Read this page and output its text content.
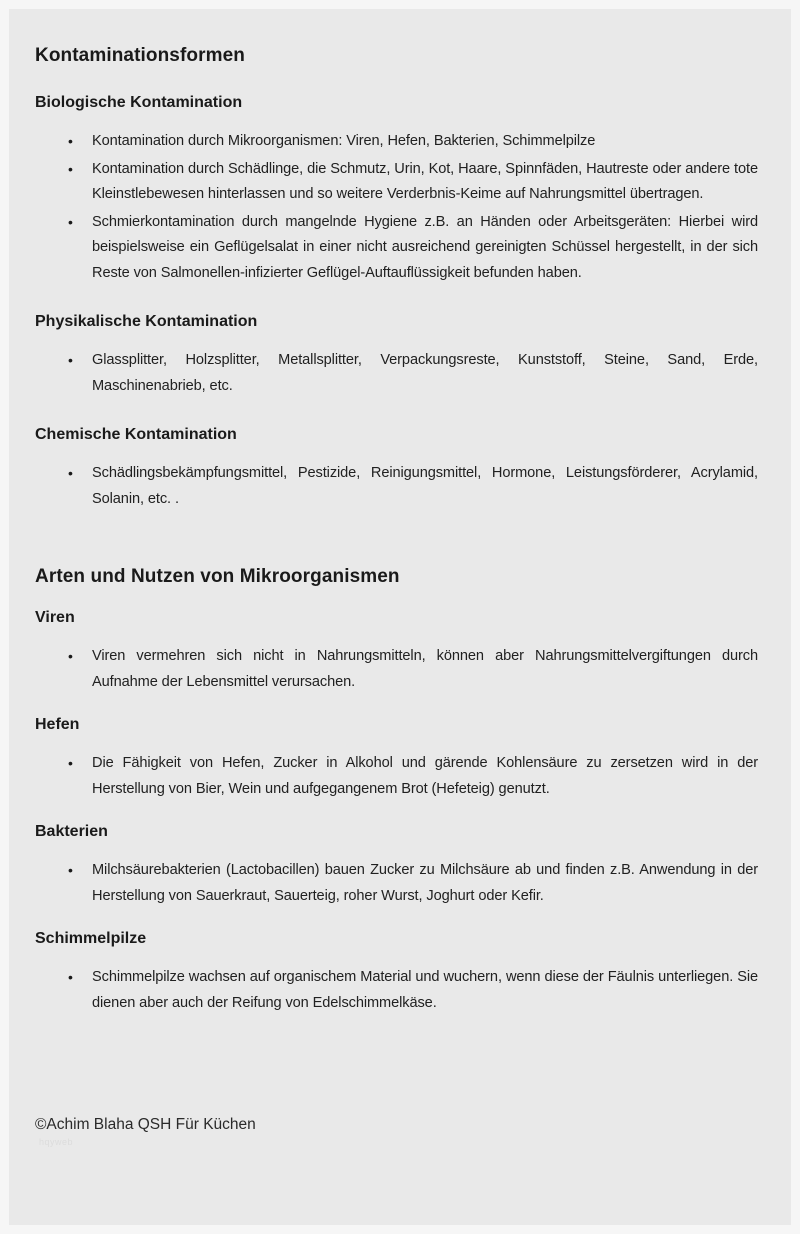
Kontaminationsformen
Biologische Kontamination
• Kontamination durch Mikroorganismen: Viren, Hefen, Bakterien, Schimmelpilze
• Kontamination durch Schädlinge, die Schmutz, Urin, Kot, Haare, Spinnfäden, Hautreste oder andere tote Kleinstlebewesen hinterlassen und so weitere Verderbnis-Keime auf Nahrungsmittel übertragen.
• Schmierkontamination durch mangelnde Hygiene z.B. an Händen oder Arbeitsgeräten: Hierbei wird beispielsweise ein Geflügelsalat in einer nicht ausreichend gereinigten Schüssel hergestellt, in der sich Reste von Salmonellen-infizierter Geflügel-Auftauflüssigkeit befunden haben.
Physikalische Kontamination
• Glassplitter, Holzsplitter, Metallsplitter, Verpackungsreste, Kunststoff, Steine, Sand, Erde, Maschinenabrieb, etc.
Chemische Kontamination
• Schädlingsbekämpfungsmittel, Pestizide, Reinigungsmittel, Hormone, Leistungsförderer, Acrylamid, Solanin, etc. .
Arten und Nutzen von Mikroorganismen
Viren
• Viren vermehren sich nicht in Nahrungsmitteln, können aber Nahrungsmittelvergiftungen durch Aufnahme der Lebensmittel verursachen.
Hefen
• Die Fähigkeit von Hefen, Zucker in Alkohol und gärende Kohlensäure zu zersetzen wird in der Herstellung von Bier, Wein und aufgegangenem Brot (Hefeteig) genutzt.
Bakterien
• Milchsäurebakterien (Lactobacillen) bauen Zucker zu Milchsäure ab und finden z.B. Anwendung in der Herstellung von Sauerkraut, Sauerteig, roher Wurst, Joghurt oder Kefir.
Schimmelpilze
• Schimmelpilze wachsen auf organischem Material und wuchern, wenn diese der Fäulnis unterliegen. Sie dienen aber auch der Reifung von Edelschimmelkäse.
©Achim Blaha QSH Für Küchen
hqyweb
